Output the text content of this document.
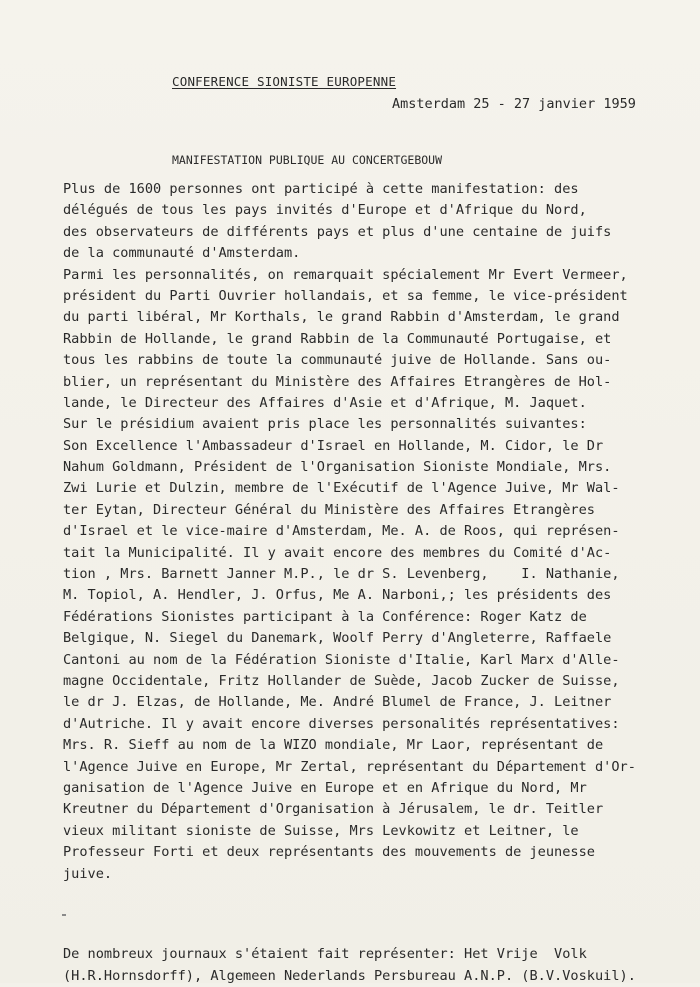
CONFERENCE SIONISTE EUROPENNE
Amsterdam 25 - 27 janvier 1959
MANIFESTATION PUBLIQUE AU CONCERTGEBOUW
Plus de 1600 personnes ont participé à cette manifestation: des
délégués de tous les pays invités d'Europe et d'Afrique du Nord,
des observateurs de différents pays et plus d'une centaine de juifs
de la communauté d'Amsterdam.
Parmi les personnalités, on remarquait spécialement Mr Evert Vermeer,
président du Parti Ouvrier hollandais, et sa femme, le vice-président
du parti libéral, Mr Korthals, le grand Rabbin d'Amsterdam, le grand
Rabbin de Hollande, le grand Rabbin de la Communauté Portugaise, et
tous les rabbins de toute la communauté juive de Hollande. Sans ou-
blier, un représentant du Ministère des Affaires Etrangères de Hol-
lande, le Directeur des Affaires d'Asie et d'Afrique, M. Jaquet.
Sur le présidium avaient pris place les personnalités suivantes:
Son Excellence l'Ambassadeur d'Israel en Hollande, M. Cidor, le Dr
Nahum Goldmann, Président de l'Organisation Sioniste Mondiale, Mrs.
Zwi Lurie et Dulzin, membre de l'Exécutif de l'Agence Juive, Mr Wal-
ter Eytan, Directeur Général du Ministère des Affaires Etrangères
d'Israel et le vice-maire d'Amsterdam, Me. A. de Roos, qui représen-
tait la Municipalité. Il y avait encore des membres du Comité d'Ac-
tion , Mrs. Barnett Janner M.P., le dr S. Levenberg,    I. Nathanie,
M. Topiol, A. Hendler, J. Orfus, Me A. Narboni,; les présidents des
Fédérations Sionistes participant à la Conférence: Roger Katz de
Belgique, N. Siegel du Danemark, Woolf Perry d'Angleterre, Raffaele
Cantoni au nom de la Fédération Sioniste d'Italie, Karl Marx d'Alle-
magne Occidentale, Fritz Hollander de Suède, Jacob Zucker de Suisse,
le dr J. Elzas, de Hollande, Me. André Blumel de France, J. Leitner
d'Autriche. Il y avait encore diverses personalités représentatives:
Mrs. R. Sieff au nom de la WIZO mondiale, Mr Laor, représentant de
l'Agence Juive en Europe, Mr Zertal, représentant du Département d'Or-
ganisation de l'Agence Juive en Europe et en Afrique du Nord, Mr
Kreutner du Département d'Organisation à Jérusalem, le dr. Teitler
vieux militant sioniste de Suisse, Mrs Levkowitz et Leitner, le
Professeur Forti et deux représentants des mouvements de jeunesse
juive.
De nombreux journaux s'étaient fait représenter: Het Vrije  Volk
(H.R.Hornsdorff), Algemeen Nederlands Persbureau A.N.P. (B.V.Voskuil).
